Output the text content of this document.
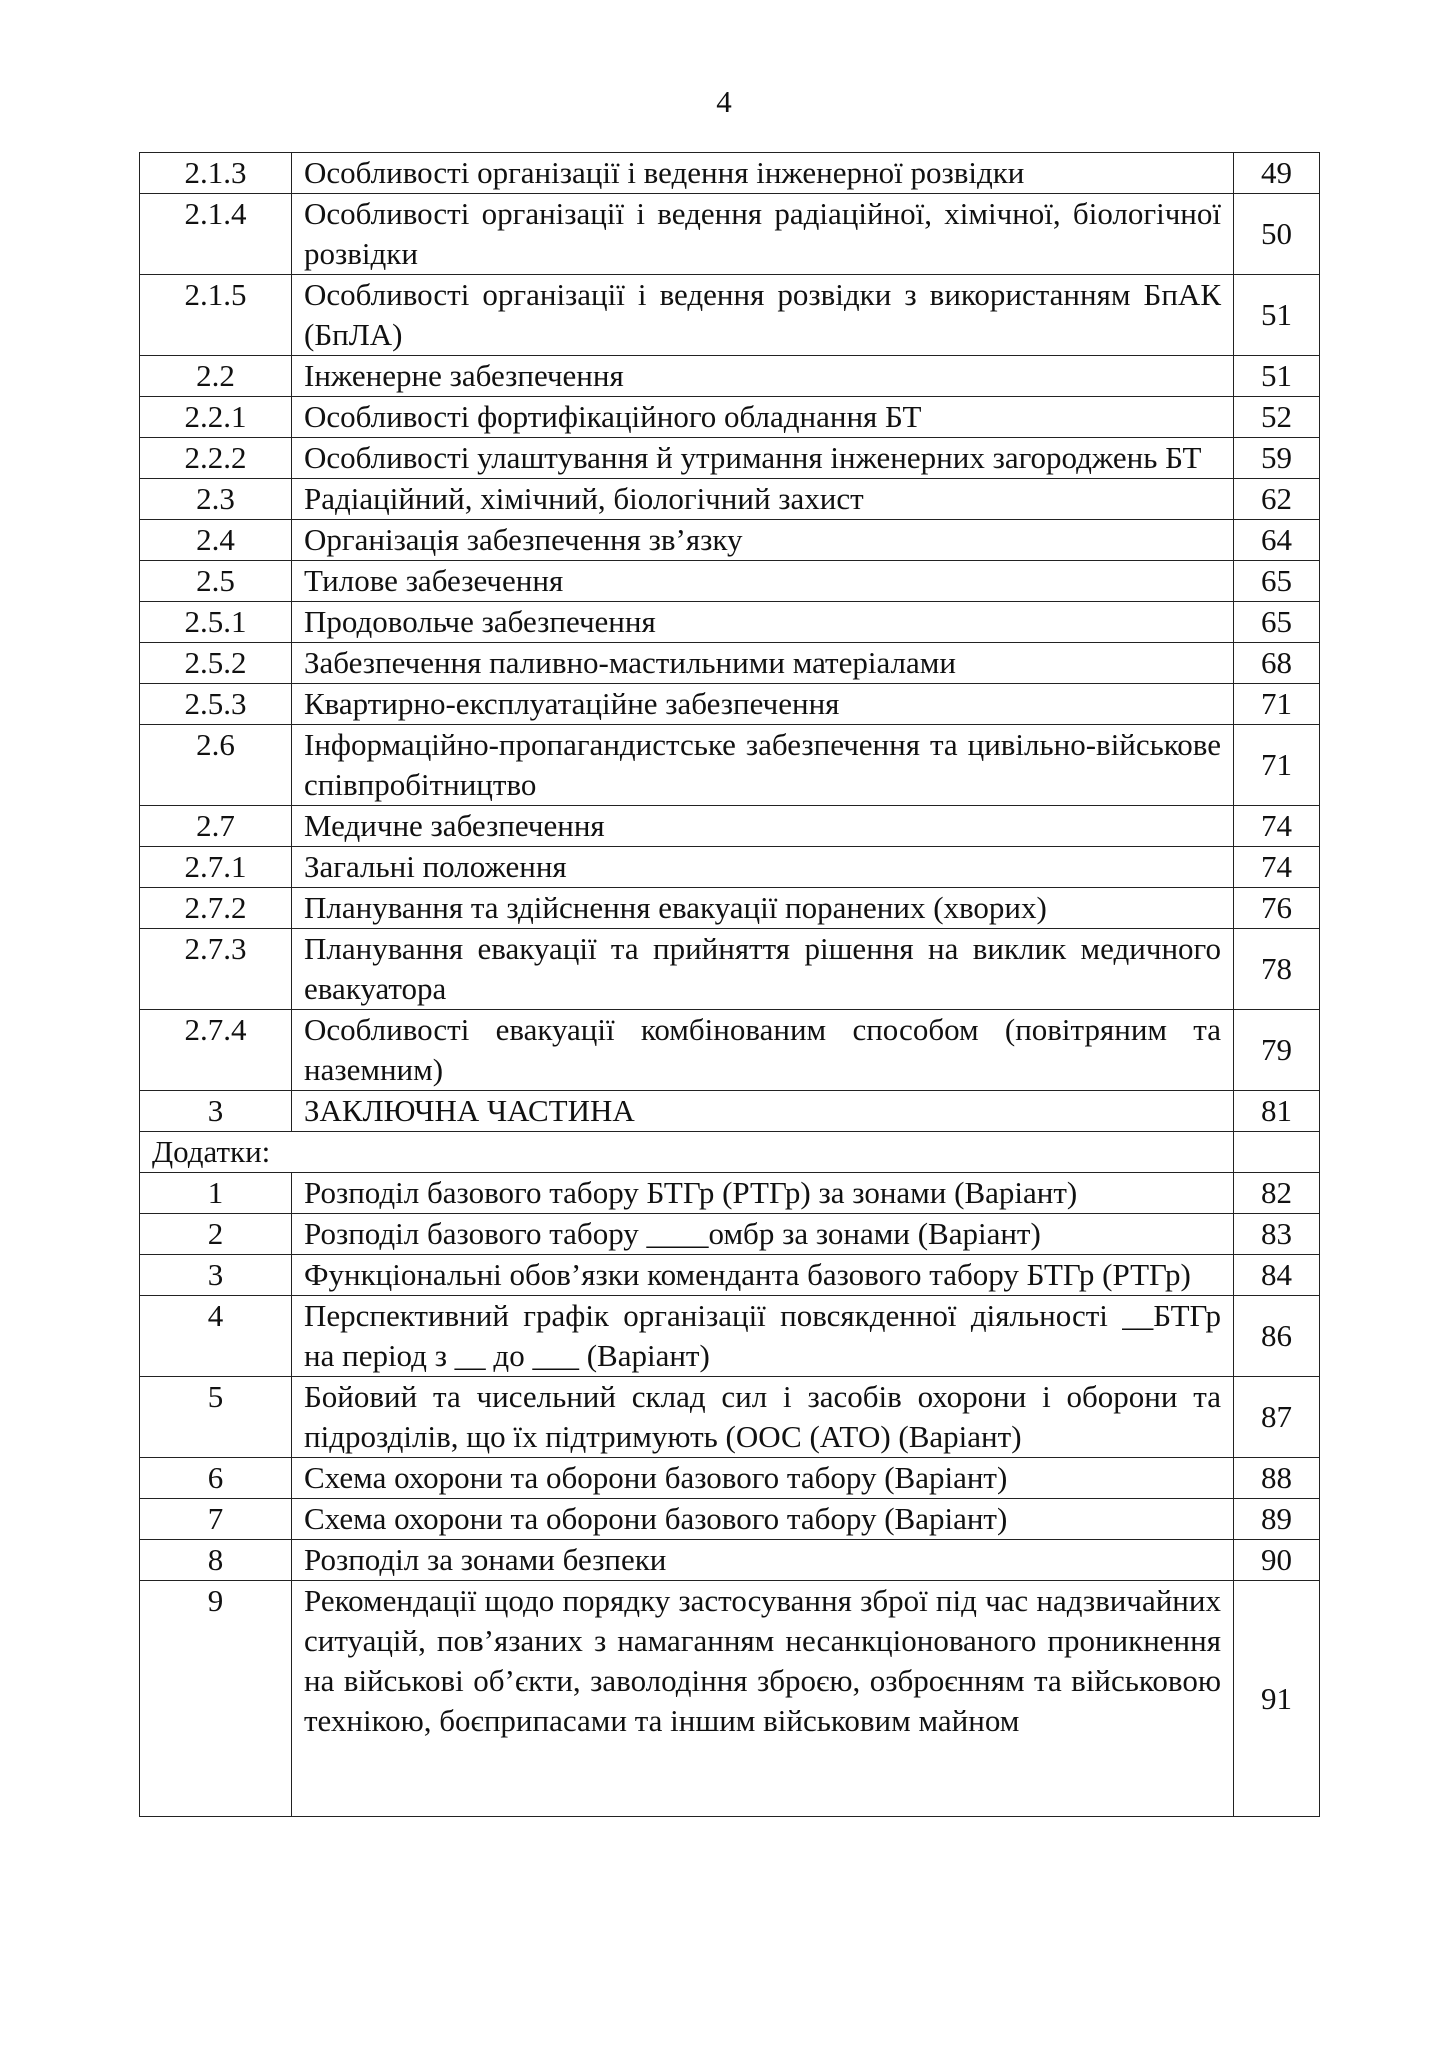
4
2.1.3	Особливості організації і ведення інженерної розвідки	49
2.1.4	Особливості організації і ведення радіаційної, хімічної, біологічної розвідки	50
2.1.5	Особливості організації і ведення розвідки з використанням БпАК (БпЛА)	51
2.2	Інженерне забезпечення	51
2.2.1	Особливості фортифікаційного обладнання БТ	52
2.2.2	Особливості улаштування й утримання інженерних загороджень БТ	59
2.3	Радіаційний, хімічний, біологічний захист	62
2.4	Організація забезпечення зв’язку	64
2.5	Тилове забезечення	65
2.5.1	Продовольче забезпечення	65
2.5.2	Забезпечення паливно-мастильними матеріалами	68
2.5.3	Квартирно-експлуатаційне забезпечення	71
2.6	Інформаційно-пропагандистське забезпечення та цивільно-військове співпробітництво	71
2.7	Медичне забезпечення	74
2.7.1	Загальні положення	74
2.7.2	Планування та здійснення евакуації поранених (хворих)	76
2.7.3	Планування евакуації та прийняття рішення на виклик медичного евакуатора	78
2.7.4	Особливості евакуації комбінованим способом (повітряним та наземним)	79
3	ЗАКЛЮЧНА ЧАСТИНА	81
Додатки:		
1	Розподіл базового табору БТГр (РТГр) за зонами (Варіант)	82
2	Розподіл базового табору ____омбр за зонами (Варіант)	83
3	Функціональні обов’язки коменданта базового табору БТГр (РТГр)	84
4	Перспективний графік організації повсякденної діяльності __БТГр на період з __ до ___ (Варіант)	86
5	Бойовий та чисельний склад сил і засобів охорони і оборони та підрозділів, що їх підтримують (ООС (АТО) (Варіант)	87
6	Схема охорони та оборони базового табору (Варіант)	88
7	Схема охорони та оборони базового табору (Варіант)	89
8	Розподіл за зонами безпеки	90
9	Рекомендації щодо порядку застосування зброї під час надзвичайних ситуацій, пов’язаних з намаганням несанкціонованого проникнення на військові об’єкти, заволодіння зброєю, озброєнням та військовою технікою, боєприпасами та іншим військовим майном	91
